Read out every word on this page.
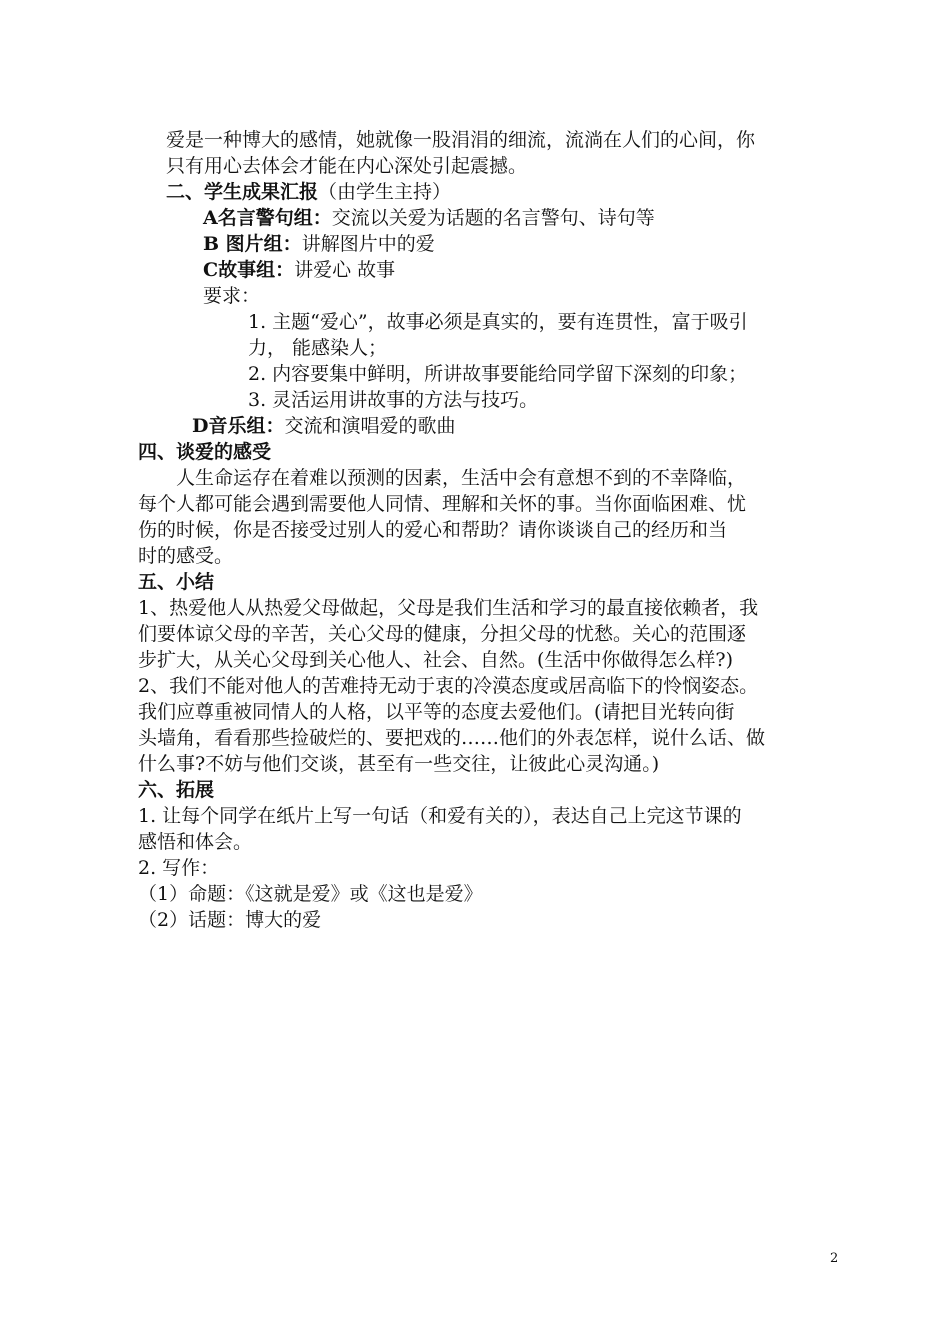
爱是一种博大的感情，她就像一股涓涓的细流，流淌在人们的心间，你
只有用心去体会才能在内心深处引起震撼。
二、学生成果汇报（由学生主持）
A名言警句组：交流以关爱为话题的名言警句、诗句等
B 图片组：讲解图片中的爱
C故事组：讲爱心 故事
要求：
1. 主题“爱心”，故事必须是真实的，要有连贯性，富于吸引
力， 能感染人；
2. 内容要集中鲜明，所讲故事要能给同学留下深刻的印象；
3. 灵活运用讲故事的方法与技巧。
D音乐组：交流和演唱爱的歌曲
四、谈爱的感受
人生命运存在着难以预测的因素，生活中会有意想不到的不幸降临，
每个人都可能会遇到需要他人同情、理解和关怀的事。当你面临困难、忧
伤的时候，你是否接受过别人的爱心和帮助？请你谈谈自己的经历和当
时的感受。
五、小结
1、热爱他人从热爱父母做起，父母是我们生活和学习的最直接依赖者，我
们要体谅父母的辛苦，关心父母的健康，分担父母的忧愁。关心的范围逐
步扩大，从关心父母到关心他人、社会、自然。(生活中你做得怎么样?)
2、我们不能对他人的苦难持无动于衷的冷漠态度或居高临下的怜悯姿态。
我们应尊重被同情人的人格，以平等的态度去爱他们。(请把目光转向街
头墙角，看看那些捡破烂的、要把戏的……他们的外表怎样，说什么话、做
什么事?不妨与他们交谈，甚至有一些交往，让彼此心灵沟通。)
六、拓展
1. 让每个同学在纸片上写一句话（和爱有关的），表达自己上完这节课的
感悟和体会。
2. 写作：
（1）命题：《这就是爱》或《这也是爱》
（2）话题：博大的爱
2
